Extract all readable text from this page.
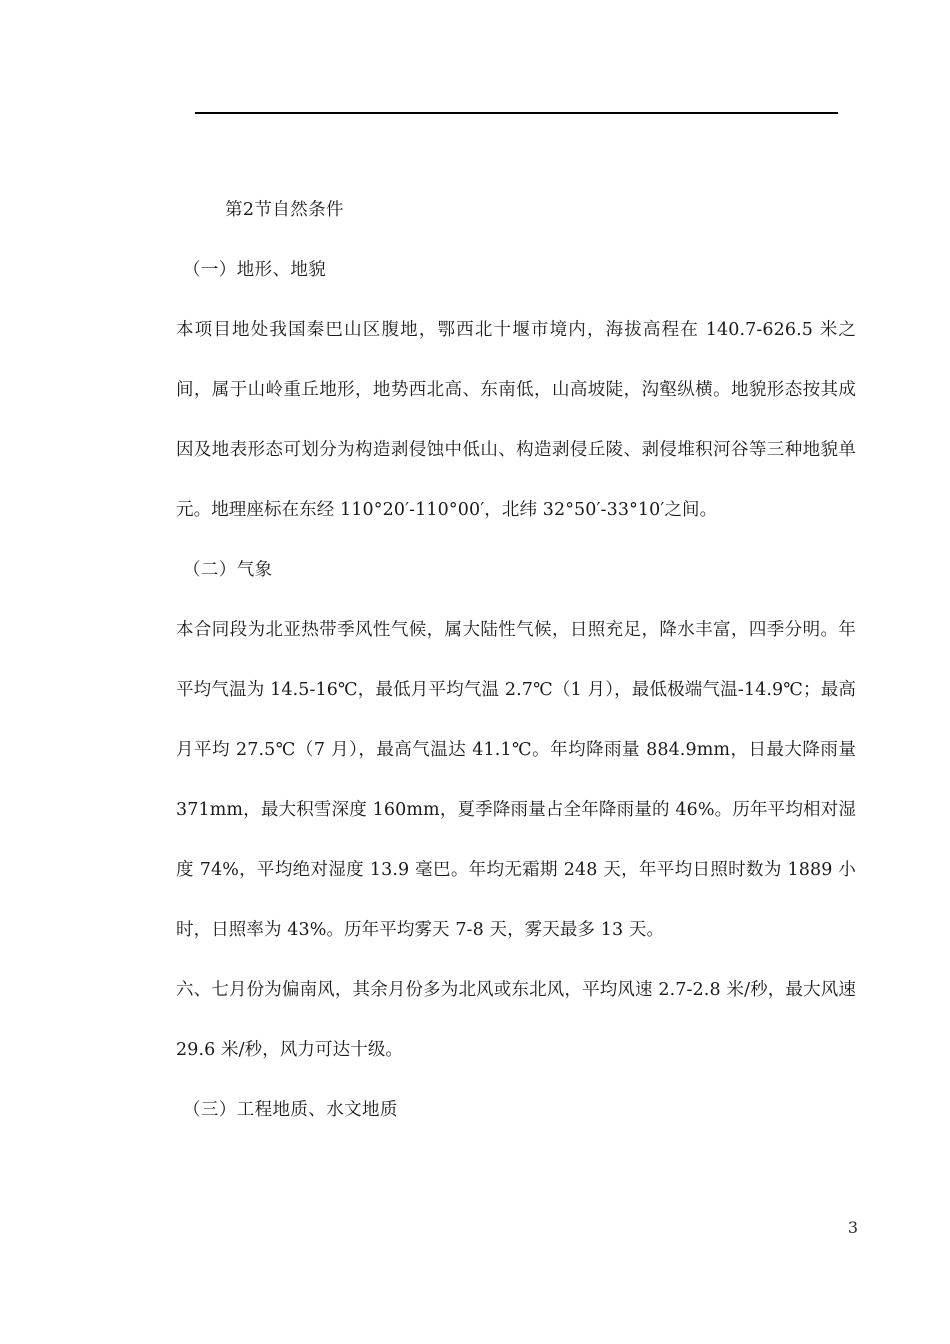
第2节自然条件
（一）地形、地貌

本项目地处我国秦巴山区腹地，鄂西北十堰市境内，海拔高程在 140.7-626.5 米之间，属于山岭重丘地形，地势西北高、东南低，山高坡陡，沟壑纵横。地貌形态按其成因及地表形态可划分为构造剥侵蚀中低山、构造剥侵丘陵、剥侵堆积河谷等三种地貌单元。地理座标在东经 110°20′-110°00′，北纬 32°50′-33°10′之间。

（二）气象

本合同段为北亚热带季风性气候，属大陆性气候，日照充足，降水丰富，四季分明。年平均气温为 14.5-16℃，最低月平均气温 2.7℃（1 月），最低极端气温-14.9℃；最高月平均 27.5℃（7 月），最高气温达 41.1℃。年均降雨量 884.9mm，日最大降雨量 371mm，最大积雪深度 160mm，夏季降雨量占全年降雨量的 46%。历年平均相对湿度 74%，平均绝对湿度 13.9 毫巴。年均无霜期 248 天，年平均日照时数为 1889 小时，日照率为 43%。历年平均雾天 7-8 天，雾天最多 13 天。

六、七月份为偏南风，其余月份多为北风或东北风，平均风速 2.7-2.8 米/秒，最大风速 29.6 米/秒，风力可达十级。

（三）工程地质、水文地质
3
